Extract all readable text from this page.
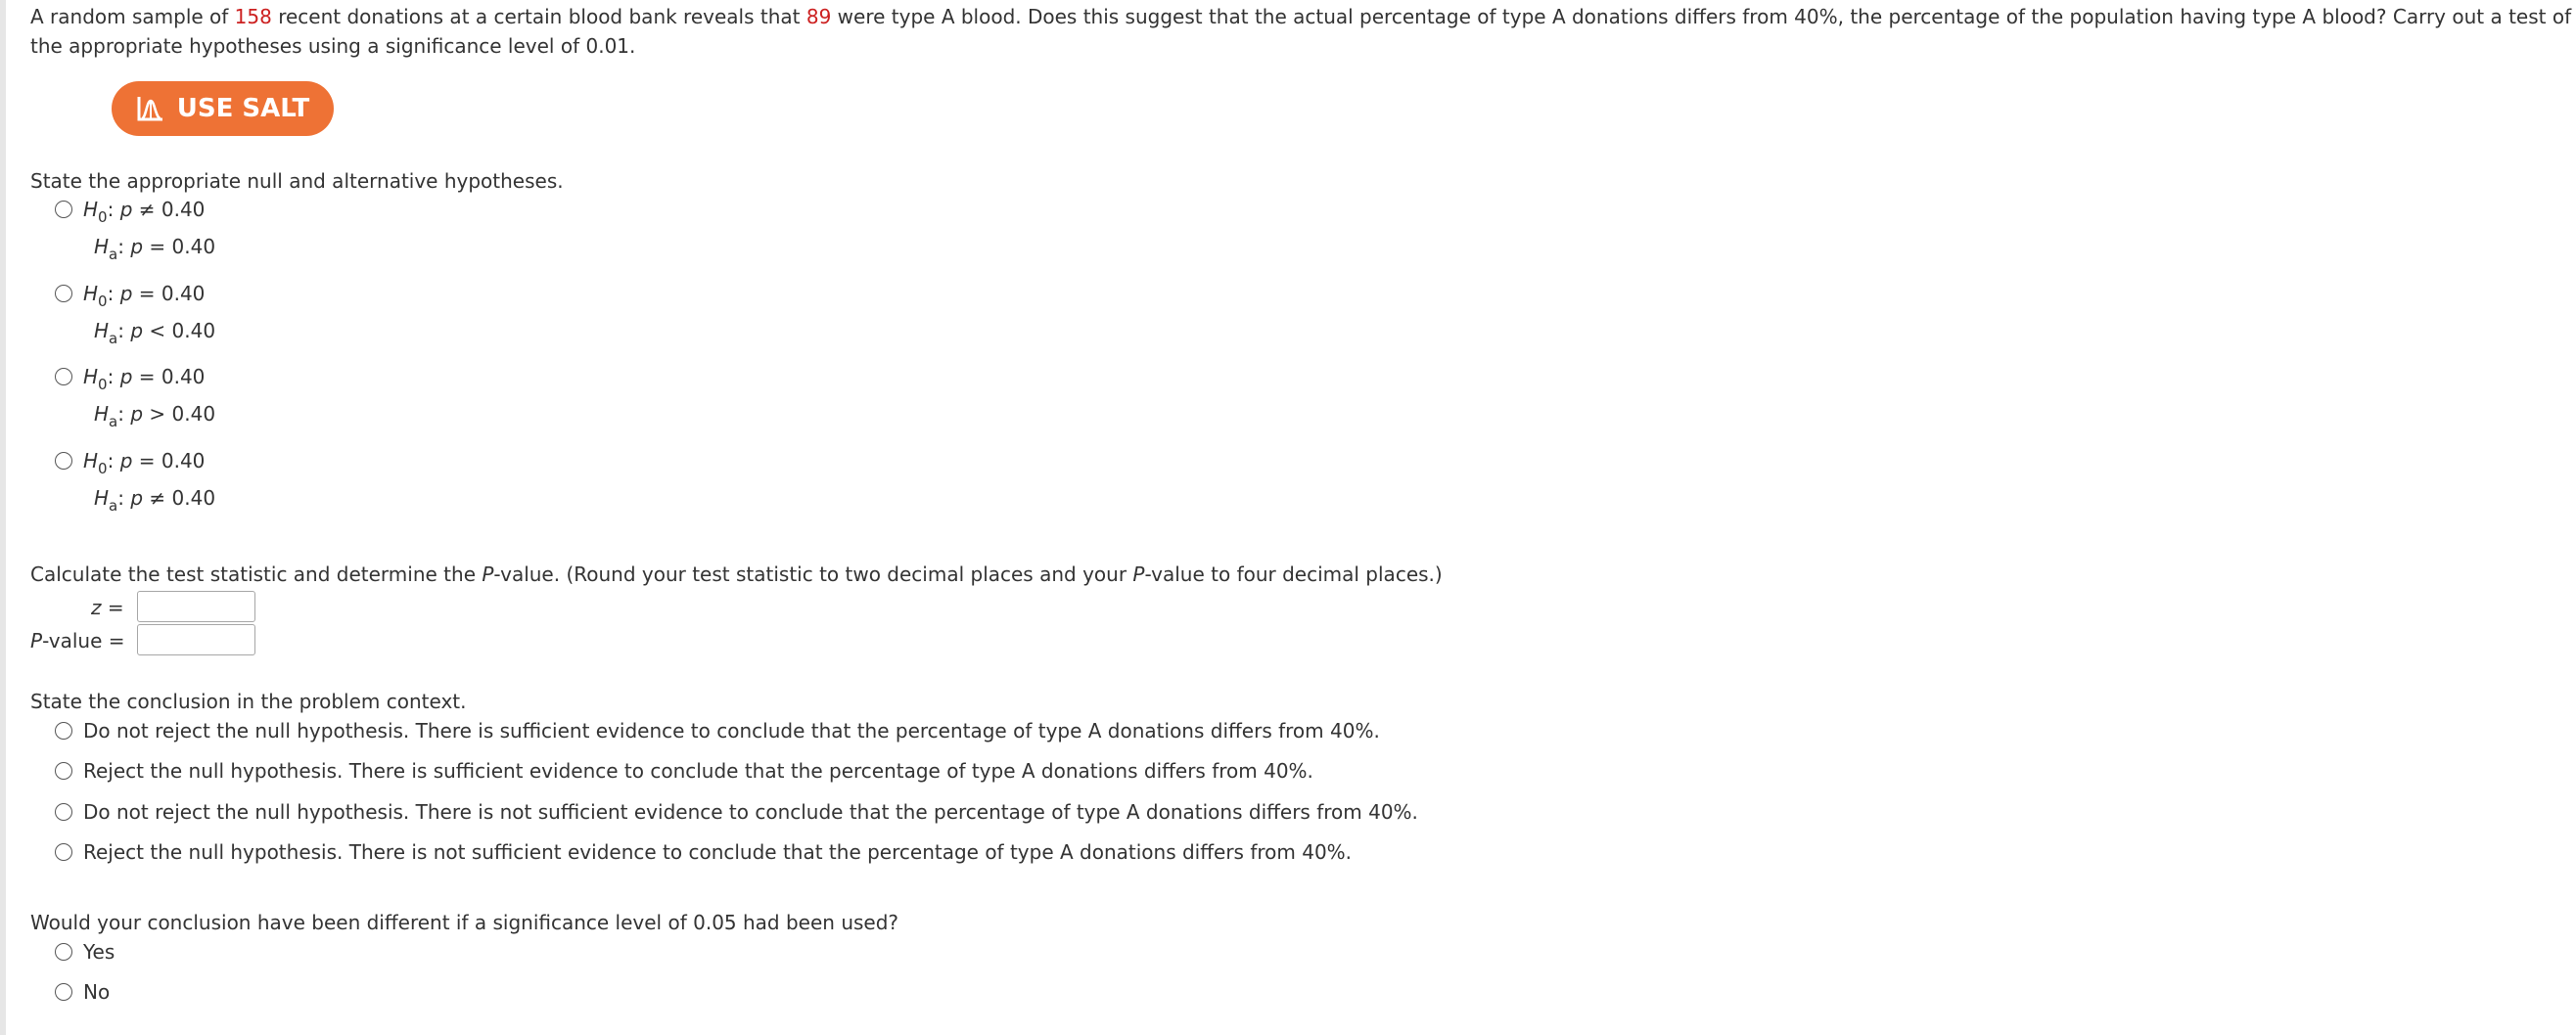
A random sample of 158 recent donations at a certain blood bank reveals that 89 were type A blood. Does this suggest that the actual percentage of type A donations differs from 40%, the percentage of the population having type A blood? Carry out a test of the appropriate hypotheses using a significance level of 0.01.
USE SALT
State the appropriate null and alternative hypotheses.
$H_0$: p ≠ 0.40
$H_a$: p = 0.40
$H_0$: p = 0.40
$H_a$: p < 0.40
$H_0$: p = 0.40
$H_a$: p > 0.40
$H_0$: p = 0.40
$H_a$: p ≠ 0.40
Calculate the test statistic and determine the P-value. (Round your test statistic to two decimal places and your P-value to four decimal places.)
z =
P-value =
State the conclusion in the problem context.
Do not reject the null hypothesis. There is sufficient evidence to conclude that the percentage of type A donations differs from 40%.
Reject the null hypothesis. There is sufficient evidence to conclude that the percentage of type A donations differs from 40%.
Do not reject the null hypothesis. There is not sufficient evidence to conclude that the percentage of type A donations differs from 40%.
Reject the null hypothesis. There is not sufficient evidence to conclude that the percentage of type A donations differs from 40%.
Would your conclusion have been different if a significance level of 0.05 had been used?
Yes
No
